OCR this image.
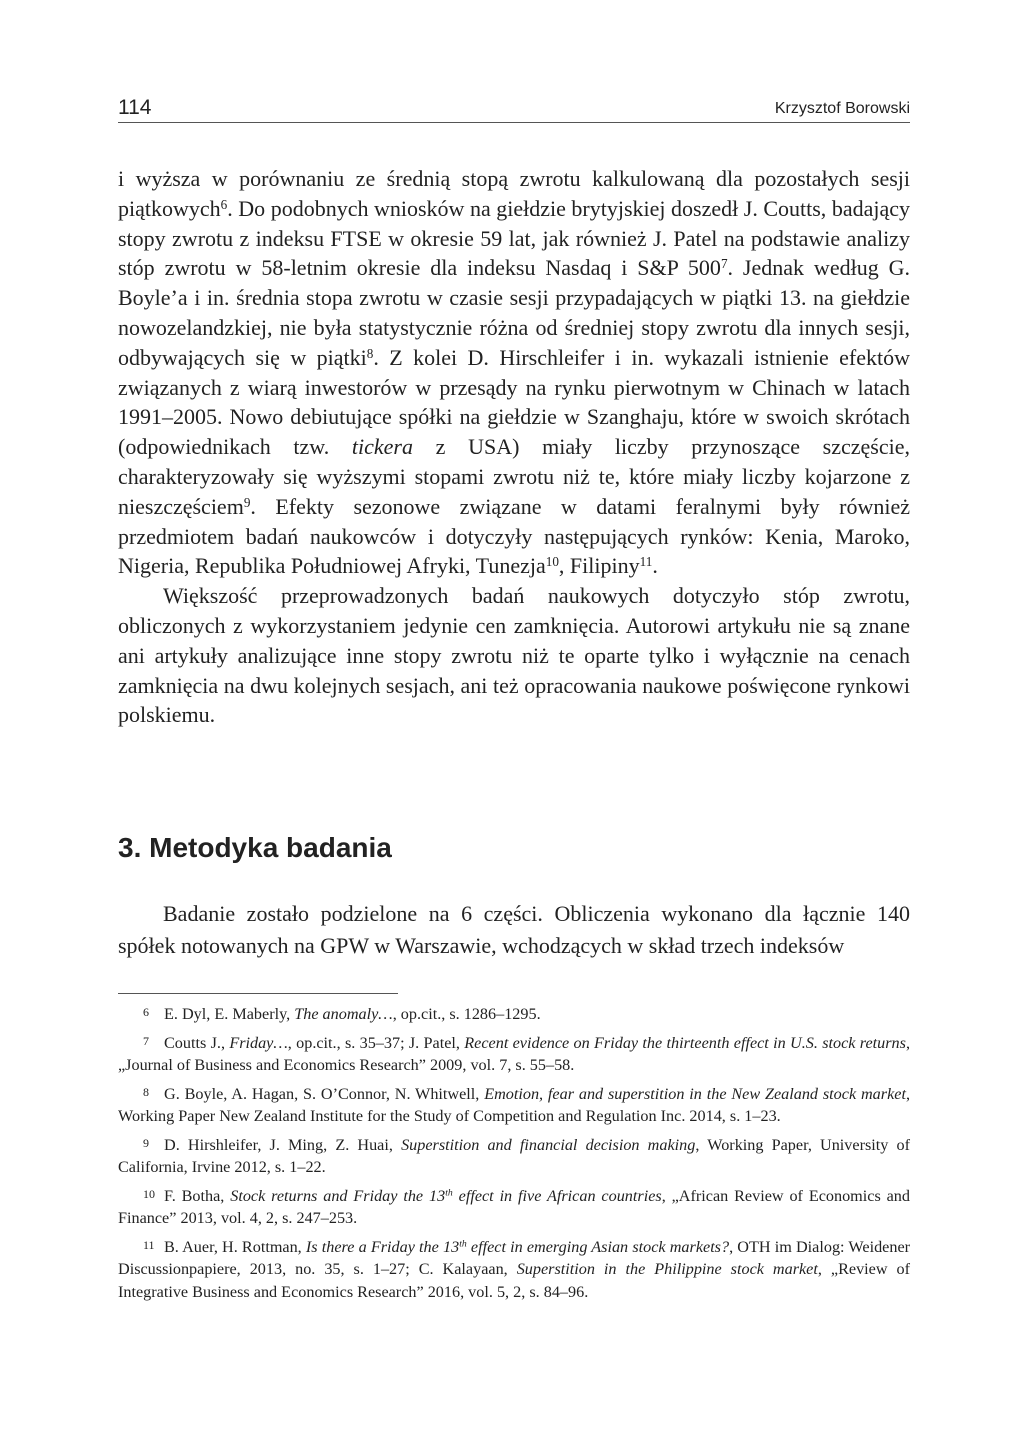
114	Krzysztof Borowski

i wyższa w porównaniu ze średnią stopą zwrotu kalkulowaną dla pozostałych sesji piątkowych$^6$. Do podobnych wniosków na giełdzie brytyjskiej doszedł J. Coutts, badający stopy zwrotu z indeksu FTSE w okresie 59 lat, jak również J. Patel na podstawie analizy stóp zwrotu w 58-letnim okresie dla indeksu Nasdaq i S&P $500^7$. Jednak według G. Boyle’a i in. średnia stopa zwrotu w czasie sesji przypadających w piątki 13. na giełdzie nowozelandzkiej, nie była statystycznie różna od średniej stopy zwrotu dla innych sesji, odbywających się w piątki$^8$. Z kolei D. Hirschleifer i in. wykazali istnienie efektów związanych z wiarą inwestorów w przesądy na rynku pierwotnym w Chinach w latach 1991–2005. Nowo debiutujące spółki na giełdzie w Szanghaju, które w swoich skrótach (odpowiednikach tzw. tickera z USA) miały liczby przynoszące szczęście, charakteryzowały się wyższymi stopami zwrotu niż te, które miały liczby kojarzone z nieszczęściem$^9$. Efekty sezonowe związane w datami feralnymi były również przedmiotem badań naukowców i dotyczyły następujących rynków: Kenia, Maroko, Nigeria, Republika Południowej Afryki, Tunezja$^{10}$, Filipiny$^{11}$.

Większość przeprowadzonych badań naukowych dotyczyło stóp zwrotu, obliczonych z wykorzystaniem jedynie cen zamknięcia. Autorowi artykułu nie są znane ani artykuły analizujące inne stopy zwrotu niż te oparte tylko i wyłącznie na cenach zamknięcia na dwu kolejnych sesjach, ani też opracowania naukowe poświęcone rynkowi polskiemu.

3. Metodyka badania

Badanie zostało podzielone na 6 części. Obliczenia wykonano dla łącznie 140 spółek notowanych na GPW w Warszawie, wchodzących w skład trzech indeksów

6 E. Dyl, E. Maberly, The anomaly…, op.cit., s. 1286–1295.

7 Coutts J., Friday…, op.cit., s. 35–37; J. Patel, Recent evidence on Friday the thirteenth effect in U.S. stock returns, „Journal of Business and Economics Research” 2009, vol. 7, s. 55–58.

8 G. Boyle, A. Hagan, S. O’Connor, N. Whitwell, Emotion, fear and superstition in the New Zealand stock market, Working Paper New Zealand Institute for the Study of Competition and Regulation Inc. 2014, s. 1–23.

9 D. Hirshleifer, J. Ming, Z. Huai, Superstition and financial decision making, Working Paper, University of California, Irvine 2012, s. 1–22.

10 F. Botha, Stock returns and Friday the 13th effect in five African countries, „African Review of Economics and Finance” 2013, vol. 4, 2, s. 247–253.

11 B. Auer, H. Rottman, Is there a Friday the 13th effect in emerging Asian stock markets?, OTH im Dialog: Weidener Discussionpapiere, 2013, no. 35, s. 1–27; C. Kalayaan, Superstition in the Philippine stock market, „Review of Integrative Business and Economics Research” 2016, vol. 5, 2, s. 84–96.
